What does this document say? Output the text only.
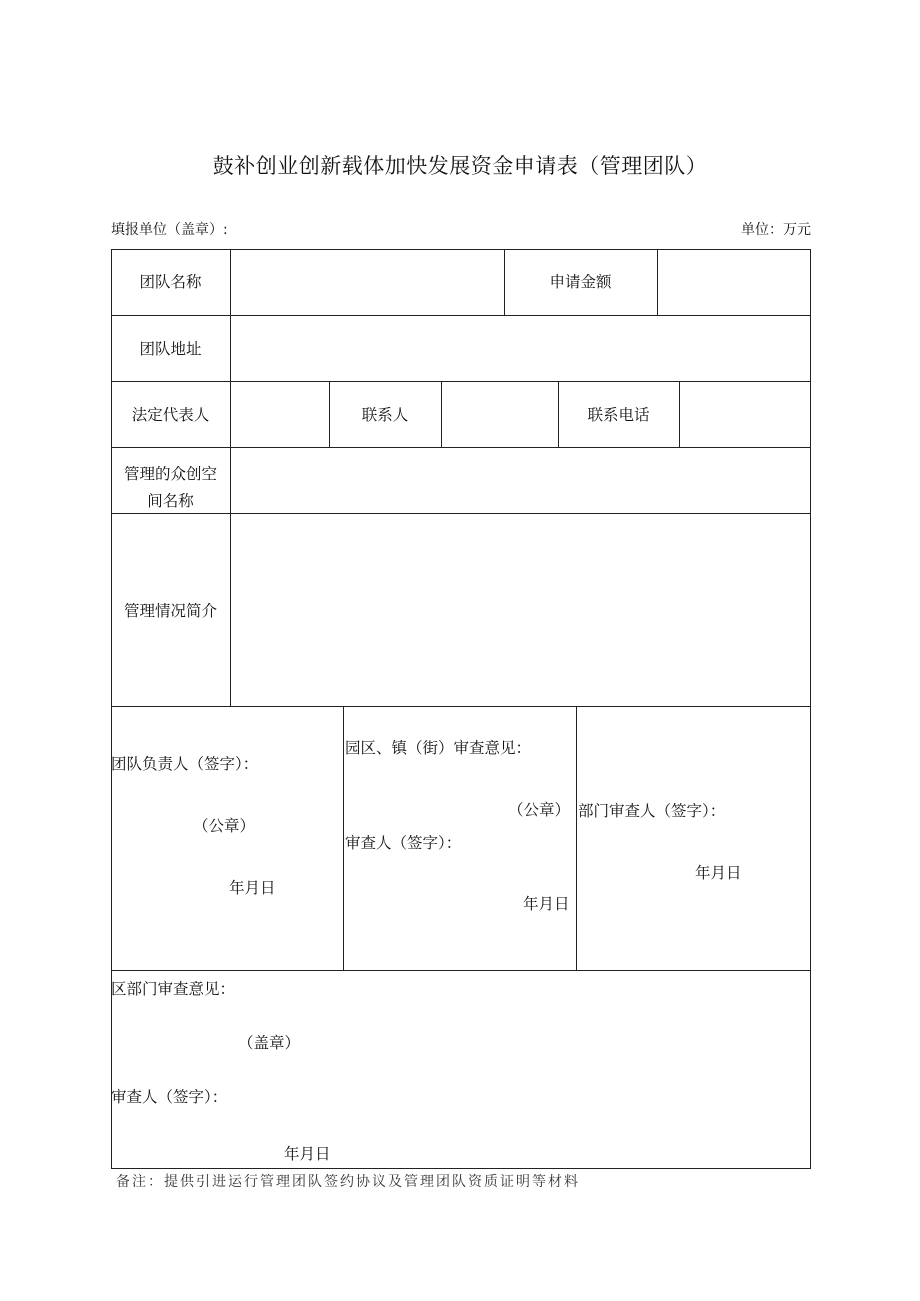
鼓补创业创新载体加快发展资金申请表（管理团队）
填报单位（盖章）:	单位：万元
团队名称	申请金额
团队地址
法定代表人	联系人	联系电话
管理的众创空
间名称
管理情况简介
团队负责人（签字）：
（公章）
年月日
园区、镇（街）审查意见：
（公章）
审查人（签字）：
年月日
部门审查人（签字）：
年月日
区部门审查意见：
（盖章）
审查人（签字）：
年月日
备注：提供引进运行管理团队签约协议及管理团队资质证明等材料
